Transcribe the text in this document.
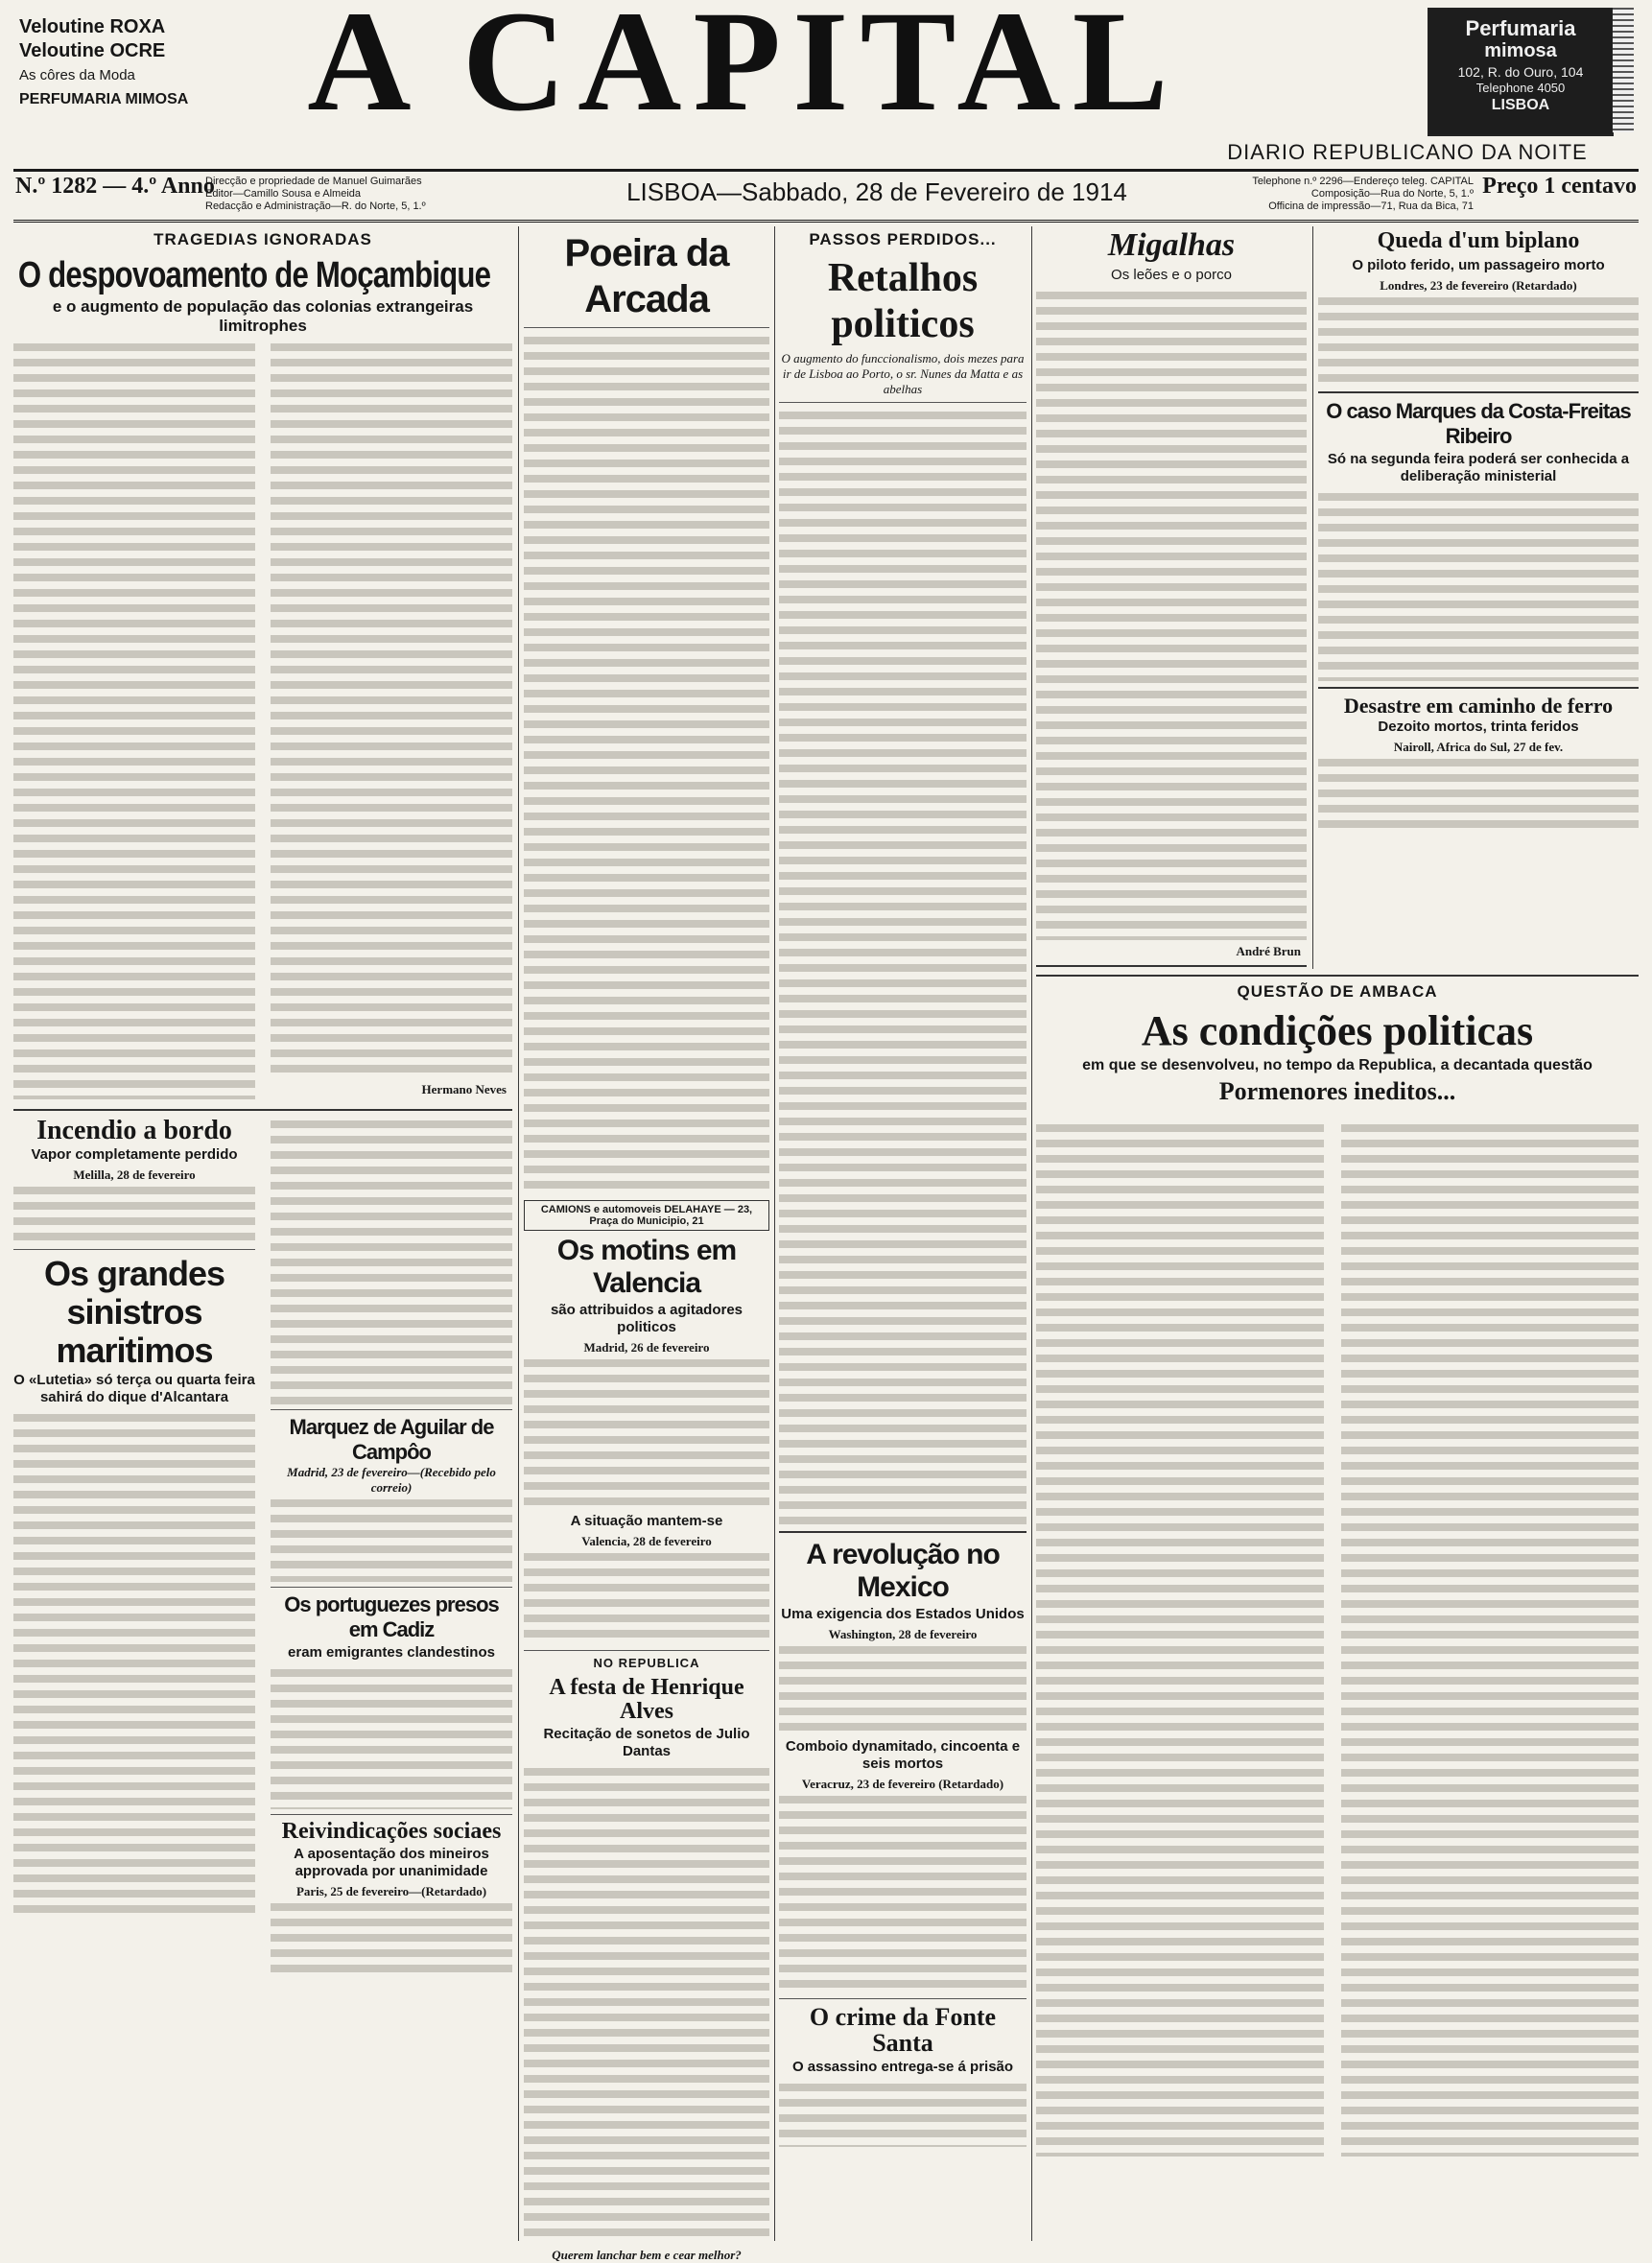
Veloutine ROXA
Veloutine OCRE
As côres da Moda
PERFUMARIA MIMOSA A CAPITAL	Perfumaria
mimosa
102, R. do Ouro, 104
Telephone 4050
LISBOA
DIARIO REPUBLICANO DA NOITE
N.º 1282 — 4.º Anno
Direcção e propriedade de Manuel Guimarães
Editor—Camillo Sousa e Almeida
Redacção e Administração—R. do Norte, 5, 1.º	LISBOA—Sabbado, 28 de Fevereiro de 1914	Telephone n.º 2296—Endereço teleg. CAPITAL
Composição—Rua do Norte, 5, 1.º
Officina de impressão—71, Rua da Bica, 71
Preço 1 centavo
TRAGEDIAS IGNORADAS
O despovoamento de Moçambique
e o augmento de população das colonias extrangeiras limitrophes

Hermano Neves
Incendio a bordo
Vapor completamente perdido
Melilla, 28 de fevereiro

Os grandes sinistros maritimos
O «Lutetia» só terça ou quarta feira sahirá do dique d'Alcantara

Marquez de Aguilar de Campôo
Madrid, 23 de fevereiro—(Recebido pelo correio)

Os portuguezes presos em Cadiz
eram emigrantes clandestinos

Reivindicações sociaes
A aposentação dos mineiros approvada por unanimidade
Paris, 25 de fevereiro—(Retardado)

Poeira da Arcada

CAMIONS e automoveis DELAHAYE — 23, Praça do Municipio, 21
Os motins em Valencia
são attribuidos a agitadores politicos
Madrid, 26 de fevereiro

A situação mantem-se
Valencia, 28 de fevereiro

NO REPUBLICA
A festa de Henrique Alves
Recitação de sonetos de Julio Dantas

Querem lanchar bem e cear melhor?
PASSOS PERDIDOS...
Retalhos politicos
O augmento do funccionalismo, dois mezes para ir de Lisboa ao Porto, o sr. Nunes da Matta e as abelhas

A revolução no Mexico
Uma exigencia dos Estados Unidos
Washington, 28 de fevereiro

Comboio dynamitado, cincoenta e seis mortos
Veracruz, 23 de fevereiro (Retardado)

O crime da Fonte Santa
O assassino entrega-se á prisão

Migalhas
Os leões e o porco

André Brun

Queda d'um biplano
O piloto ferido, um passageiro morto
Londres, 23 de fevereiro (Retardado)

O caso Marques da Costa-Freitas Ribeiro
Só na segunda feira poderá ser conhecida a deliberação ministerial

Desastre em caminho de ferro
Dezoito mortos, trinta feridos
Nairoll, Africa do Sul, 27 de fev.

QUESTÃO DE AMBACA
As condições politicas
em que se desenvolveu, no tempo da Republica, a decantada questão
Pormenores ineditos...
